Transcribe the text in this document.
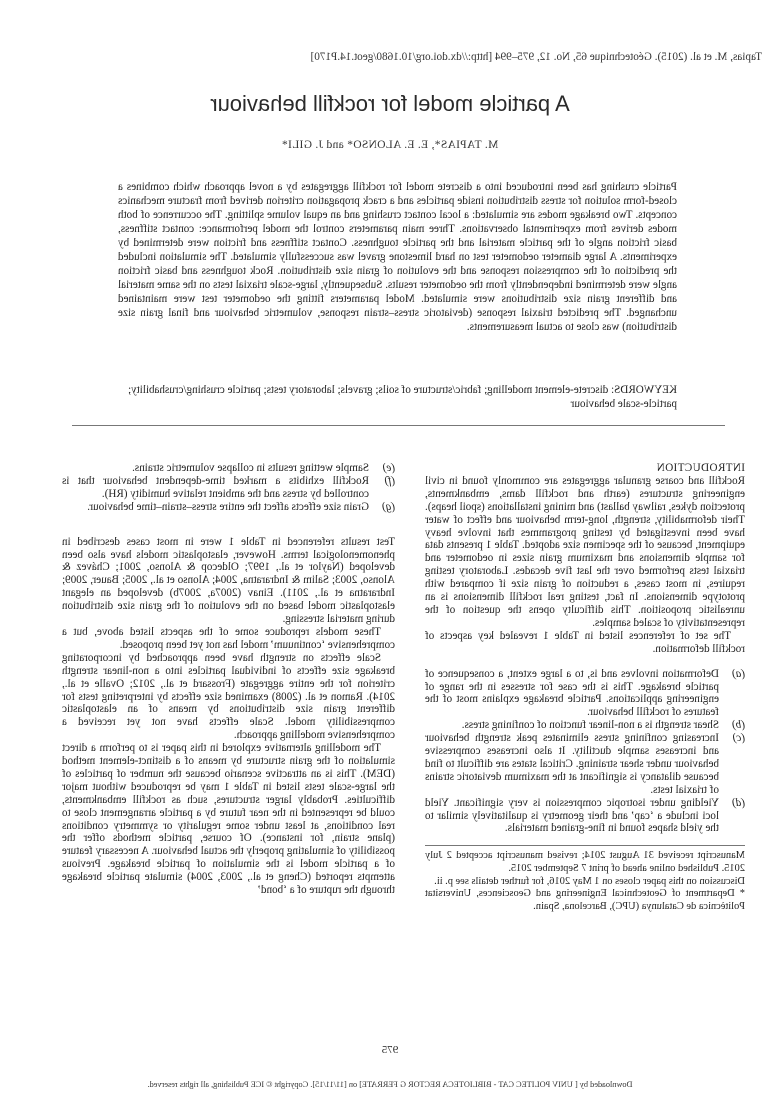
Tapias, M. et al. (2015). Géotechnique 65, No. 12, 975–994 [http://dx.doi.org/10.1680/geot.14.P170]
A particle model for rockfill behaviour
M. TAPIAS*, E. E. ALONSO* and J. GILI*

Particle crushing has been introduced into a discrete model for rockfill aggregates by a novel approach which combines a closed-form solution for stress distribution inside particles and a crack propagation criterion derived from fracture mechanics concepts. Two breakage modes are simulated: a local contact crushing and an equal volume splitting. The occurrence of both modes derives from experimental observations. Three main parameters control the model performance: contact stiffness, basic friction angle of the particle material and the particle toughness. Contact stiffness and friction were determined by experiments. A large diameter oedometer test on hard limestone gravel was successfully simulated. The simulation included the prediction of the compression response and the evolution of grain size distribution. Rock toughness and basic friction angle were determined independently from the oedometer results. Subsequently, large-scale triaxial tests on the same material and different grain size distributions were simulated. Model parameters fitting the oedometer test were maintained unchanged. The predicted triaxial response (deviatoric stress–strain response, volumetric behaviour and final grain size distribution) was close to actual measurements.

KEYWORDS: discrete-element modelling; fabric/structure of soils; gravels; laboratory tests; particle crushing/crushability; particle-scale behaviour

INTRODUCTION

Rockfill and coarse granular aggregates are commonly found in civil engineering structures (earth and rockfill dams, embankments, protection dykes, railway ballast) and mining installations (spoil heaps). Their deformability, strength, long-term behaviour and effect of water have been investigated by testing programmes that involve heavy equipment, because of the specimen size adopted. Table 1 presents data for sample dimensions and maximum grain sizes in oedometer and triaxial tests performed over the last five decades. Laboratory testing requires, in most cases, a reduction of grain size if compared with prototype dimensions. In fact, testing real rockfill dimensions is an unrealistic proposition. This difficulty opens the question of the representativity of scaled samples.

The set of references listed in Table 1 revealed key aspects of rockfill deformation.

(a)
Deformation involves and is, to a large extent, a consequence of particle breakage. This is the case for stresses in the range of engineering applications. Particle breakage explains most of the features of rockfill behaviour.
(b)
Shear strength is a non-linear function of confining stress.
(c)
Increasing confining stress eliminates peak strength behaviour and increases sample ductility. It also increases compressive behaviour under shear straining. Critical states are difficult to find because dilatancy is significant at the maximum deviatoric strains of triaxial tests.
(d)
Yielding under isotropic compression is very significant. Yield loci include a ‘cap’ and their geometry is qualitatively similar to the yield shapes found in fine-grained materials.

Manuscript received 31 August 2014; revised manuscript accepted 2 July 2015. Published online ahead of print 7 September 2015.

Discussion on this paper closes on 1 May 2016, for further details see p. ii.

* Department of Geotechnical Engineering and Geosciences, Universitat Politècnica de Catalunya (UPC), Barcelona, Spain.

(e)
Sample wetting results in collapse volumetric strains.
(f)
Rockfill exhibits a marked time-dependent behaviour that is controlled by stress and the ambient relative humidity (RH).
(g)
Grain size effects affect the entire stress–strain–time behaviour.

Test results referenced in Table 1 were in most cases described in phenomenological terms. However, elastoplastic models have also been developed (Naylor et al., 1997; Oldecop & Alonso, 2001; Chávez & Alonso, 2003; Salim & Indraratna, 2004; Alonso et al., 2005; Bauer, 2009; Indraratna et al., 2011). Einav (2007a, 2007b) developed an elegant elastoplastic model based on the evolution of the grain size distribution during material stressing.

These models reproduce some of the aspects listed above, but a comprehensive ‘continuum’ model has not yet been proposed.

Scale effects on strength have been approached by incorporating breakage size effects of individual particles into a non-linear strength criterion for the entire aggregate (Frossard et al., 2012; Ovalle et al., 2014). Ramon et al. (2008) examined size effects by interpreting tests for different grain size distributions by means of an elastoplastic compressibility model. Scale effects have not yet received a comprehensive modelling approach.

The modelling alternative explored in this paper is to perform a direct simulation of the grain structure by means of a distinct-element method (DEM). This is an attractive scenario because the number of particles of the large-scale tests listed in Table 1 may be reproduced without major difficulties. Probably larger structures, such as rockfill embankments, could be represented in the near future by a particle arrangement close to real conditions, at least under some regularity or symmetry conditions (plane strain, for instance). Of course, particle methods offer the possibility of simulating properly the actual behaviour. A necessary feature of a particle model is the simulation of particle breakage. Previous attempts reported (Cheng et al., 2003, 2004) simulate particle breakage through the rupture of a ‘bond’

975
Downloaded by [ UNIV POLITEC CAT - BIBLIOTECA RECTOR G FERRATE] on [11/11/15]. Copyright © ICE Publishing, all rights reserved.
